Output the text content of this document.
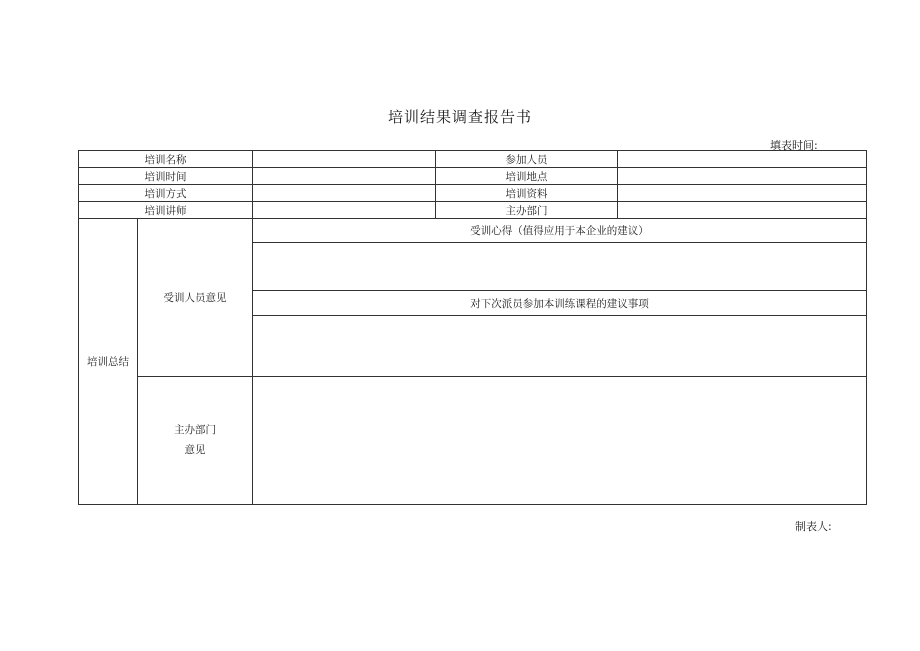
培训结果调查报告书
填表时间:
培训名称			参加人员	
培训时间			培训地点	
培训方式			培训资料	
培训讲师			主办部门	
培训总结	受训人员意见	受训心得（值得应用于本企业的建议）		

		对下次派员参加本训练课程的建议事项		

	主办部门
意见			

制表人:
